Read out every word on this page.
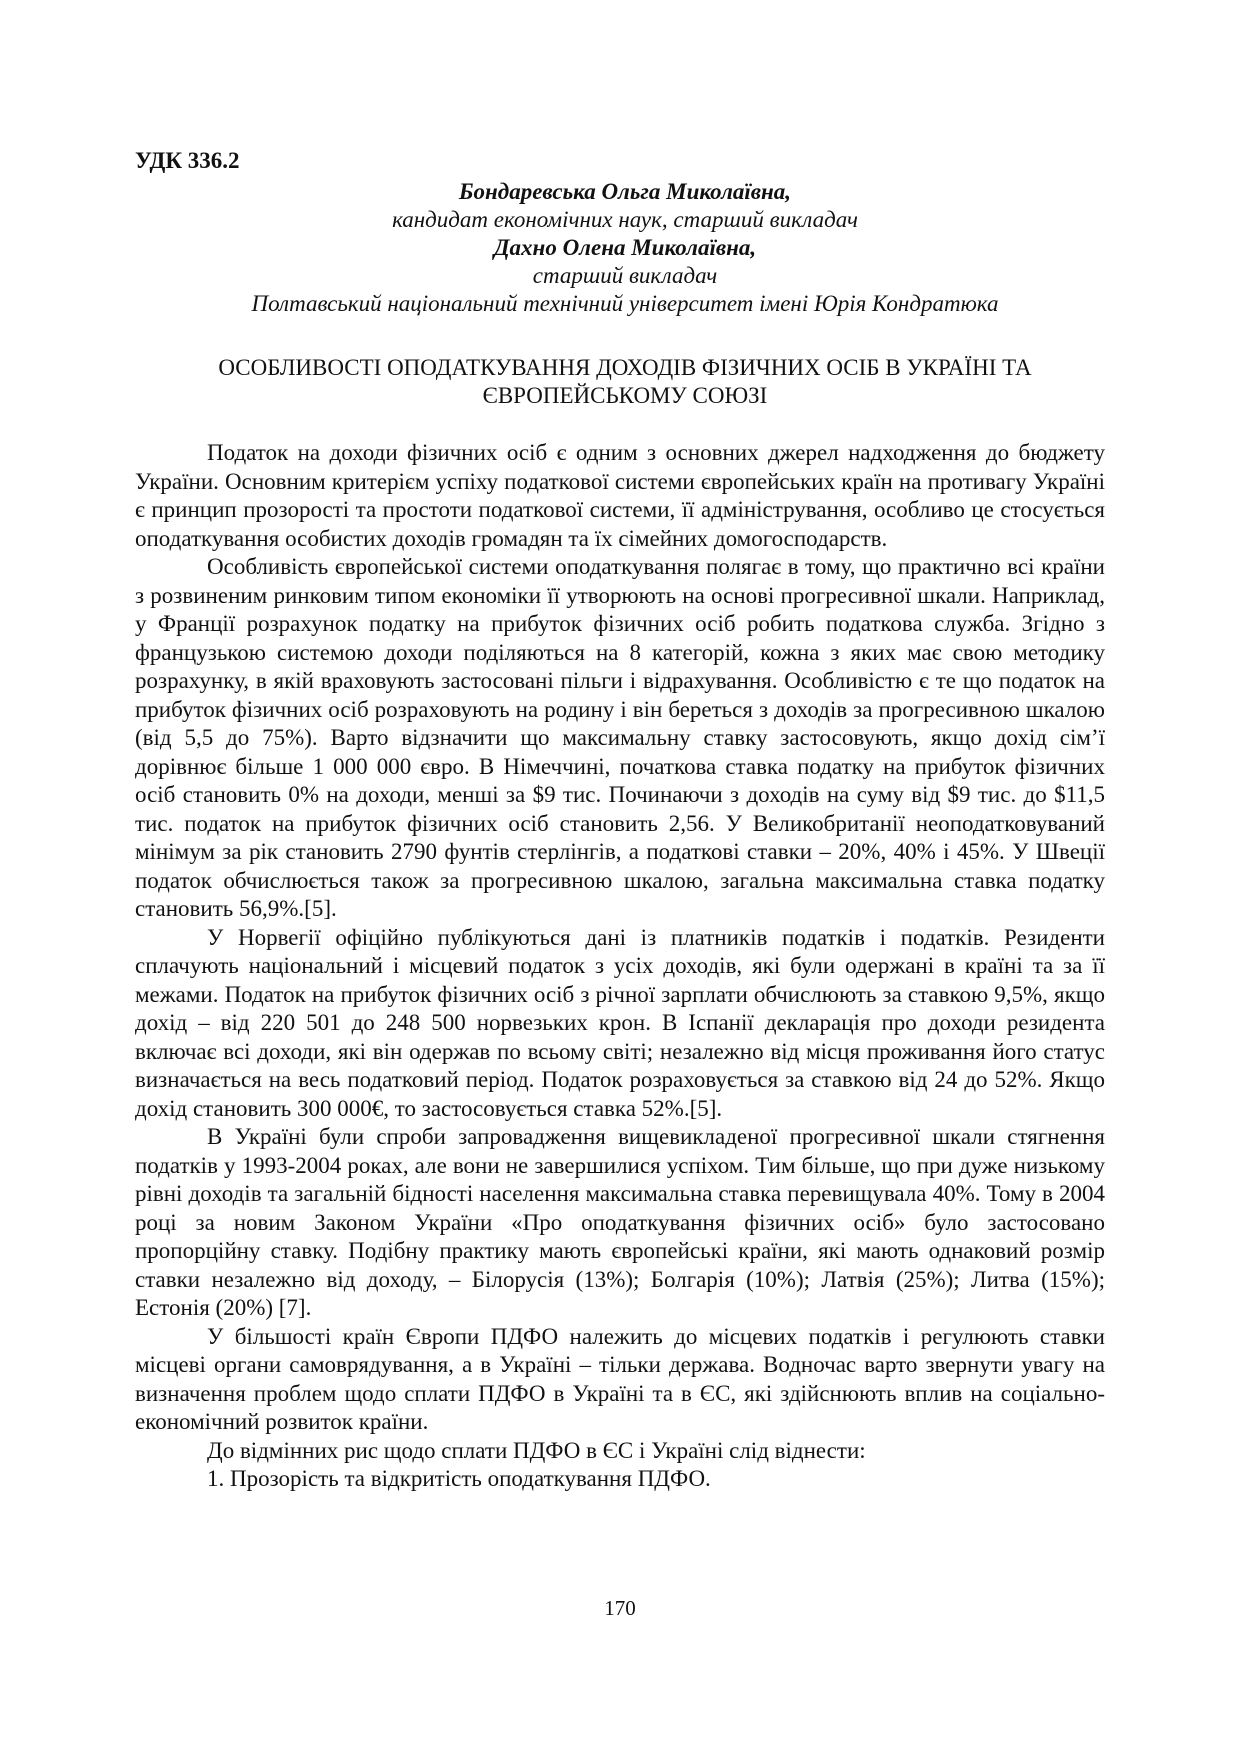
УДК 336.2
Бондаревська Ольга Миколаївна,
кандидат економічних наук, старший викладач
Дахно Олена Миколаївна,
старший викладач
Полтавський національний технічний університет імені Юрія Кондратюка
ОСОБЛИВОСТІ ОПОДАТКУВАННЯ ДОХОДІВ ФІЗИЧНИХ ОСІБ В УКРАЇНІ ТА
ЄВРОПЕЙСЬКОМУ СОЮЗІ

Податок на доходи фізичних осіб є одним з основних джерел надходження до бюджету України. Основним критерієм успіху податкової системи європейських країн на противагу Україні є принцип прозорості та простоти податкової системи, її адміністрування, особливо це стосується оподаткування особистих доходів громадян та їх сімейних домогосподарств.

Особливість європейської системи оподаткування полягає в тому, що практично всі країни з розвиненим ринковим типом економіки її утворюють на основі прогресивної шкали. Наприклад, у Франції розрахунок податку на прибуток фізичних осіб робить податкова служба. Згідно з французькою системою доходи поділяються на 8 категорій, кожна з яких має свою методику розрахунку, в якій враховують застосовані пільги і відрахування. Особливістю є те що податок на прибуток фізичних осіб розраховують на родину і він береться з доходів за прогресивною шкалою (від 5,5 до 75%). Варто відзначити що максимальну ставку застосовують, якщо дохід сім’ї дорівнює більше 1 000 000 євро. В Німеччині, початкова ставка податку на прибуток фізичних осіб становить 0% на доходи, менші за $9 тис. Починаючи з доходів на суму від $9 тис. до $11,5 тис. податок на прибуток фізичних осіб становить 2,56. У Великобританії неоподатковуваний мінімум за рік становить 2790 фунтів стерлінгів, а податкові ставки – 20%, 40% і 45%. У Швеції податок обчислюється також за прогресивною шкалою, загальна максимальна ставка податку становить 56,9%.[5].

У Норвегії офіційно публікуються дані із платників податків і податків. Резиденти сплачують національний і місцевий податок з усіх доходів, які були одержані в країні та за її межами. Податок на прибуток фізичних осіб з річної зарплати обчислюють за ставкою 9,5%, якщо дохід – від 220 501 до 248 500 норвезьких крон. В Іспанії декларація про доходи резидента включає всі доходи, які він одержав по всьому світі; незалежно від місця проживання його статус визначається на весь податковий період. Податок розраховується за ставкою від 24 до 52%. Якщо дохід становить 300 000€, то застосовується ставка 52%.[5].

В Україні були спроби запровадження вищевикладеної прогресивної шкали стягнення податків у 1993-2004 роках, але вони не завершилися успіхом. Тим більше, що при дуже низькому рівні доходів та загальній бідності населення максимальна ставка перевищувала 40%. Тому в 2004 році за новим Законом України «Про оподаткування фізичних осіб» було застосовано пропорційну ставку. Подібну практику мають європейські країни, які мають однаковий розмір ставки незалежно від доходу, – Білорусія (13%); Болгарія (10%); Латвія (25%); Литва (15%); Естонія (20%) [7].

У більшості країн Європи ПДФО належить до місцевих податків і регулюють ставки місцеві органи самоврядування, а в Україні – тільки держава. Водночас варто звернути увагу на визначення проблем щодо сплати ПДФО в Україні та в ЄС, які здійснюють вплив на соціально- економічний розвиток країни.

До відмінних рис щодо сплати ПДФО в ЄС і Україні слід віднести:

1. Прозорість та відкритість оподаткування ПДФО.

170
